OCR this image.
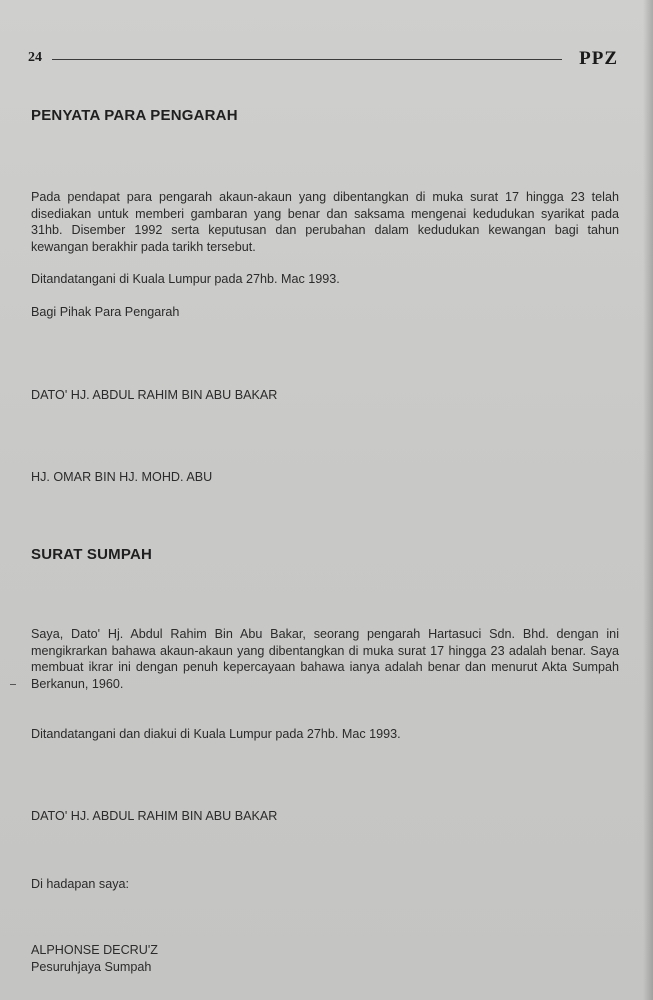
24	PPZ
PENYATA PARA PENGARAH
Pada pendapat para pengarah akaun-akaun yang dibentangkan di muka surat 17 hingga 23 telah disediakan untuk memberi gambaran yang benar dan saksama mengenai kedudukan syarikat pada 31hb. Disember 1992 serta keputusan dan perubahan dalam kedudukan kewangan bagi tahun kewangan berakhir pada tarikh tersebut.
Ditandatangani di Kuala Lumpur pada 27hb. Mac 1993.
Bagi Pihak Para Pengarah
DATO' HJ. ABDUL RAHIM BIN ABU BAKAR
HJ. OMAR BIN HJ. MOHD. ABU
SURAT SUMPAH
Saya, Dato' Hj. Abdul Rahim Bin Abu Bakar, seorang pengarah Hartasuci Sdn. Bhd. dengan ini mengikrarkan bahawa akaun-akaun yang dibentangkan di muka surat 17 hingga 23 adalah benar. Saya membuat ikrar ini dengan penuh kepercayaan bahawa ianya adalah benar dan menurut Akta Sumpah Berkanun, 1960.
Ditandatangani dan diakui di Kuala Lumpur pada 27hb. Mac 1993.
DATO' HJ. ABDUL RAHIM BIN ABU BAKAR
Di hadapan saya:
ALPHONSE DECRU'Z
Pesuruhjaya Sumpah
